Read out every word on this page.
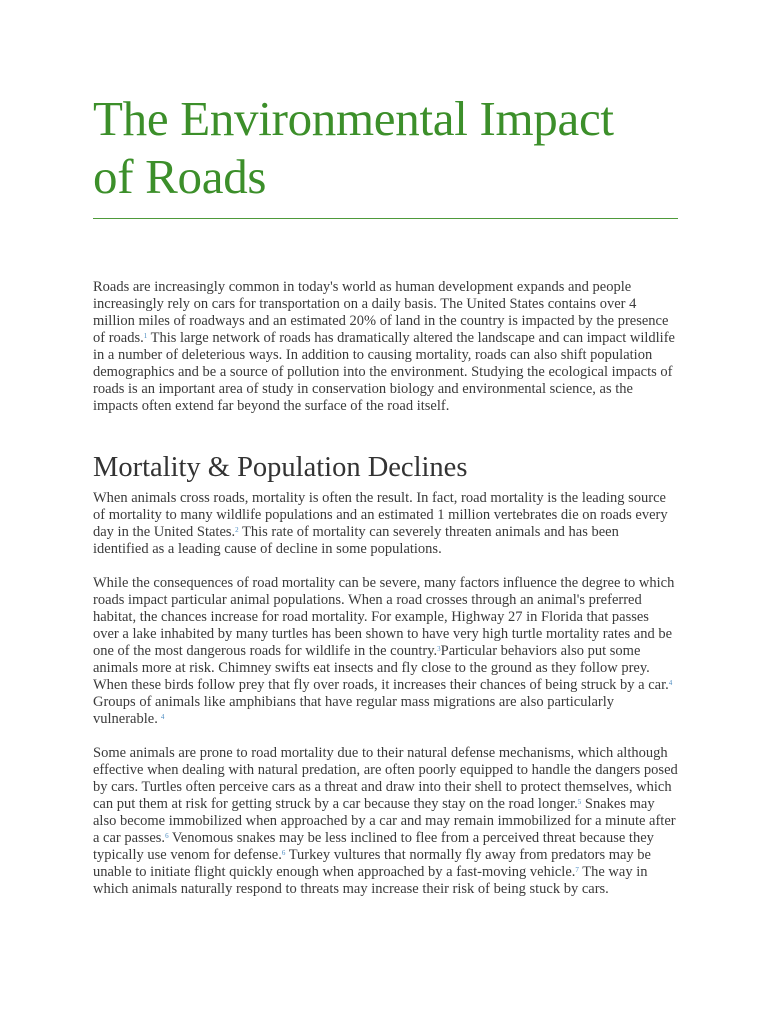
The Environmental Impact
of Roads

Roads are increasingly common in today's world as human development expands and people increasingly rely on cars for transportation on a daily basis. The United States contains over 4 million miles of roadways and an estimated 20% of land in the country is impacted by the presence of roads.$^1$ This large network of roads has dramatically altered the landscape and can impact wildlife in a number of deleterious ways. In addition to causing mortality, roads can also shift population demographics and be a source of pollution into the environment. Studying the ecological impacts of roads is an important area of study in conservation biology and environmental science, as the impacts often extend far beyond the surface of the road itself.

Mortality & Population Declines

When animals cross roads, mortality is often the result. In fact, road mortality is the leading source of mortality to many wildlife populations and an estimated 1 million vertebrates die on roads every day in the United States.$^2$ This rate of mortality can severely threaten animals and has been identified as a leading cause of decline in some populations.

While the consequences of road mortality can be severe, many factors influence the degree to which roads impact particular animal populations. When a road crosses through an animal's preferred habitat, the chances increase for road mortality. For example, Highway 27 in Florida that passes over a lake inhabited by many turtles has been shown to have very high turtle mortality rates and be one of the most dangerous roads for wildlife in the country.$^3$Particular behaviors also put some animals more at risk. Chimney swifts eat insects and fly close to the ground as they follow prey. When these birds follow prey that fly over roads, it increases their chances of being struck by a car.$^4$ Groups of animals like amphibians that have regular mass migrations are also particularly vulnerable. $^4$

Some animals are prone to road mortality due to their natural defense mechanisms, which although effective when dealing with natural predation, are often poorly equipped to handle the dangers posed by cars. Turtles often perceive cars as a threat and draw into their shell to protect themselves, which can put them at risk for getting struck by a car because they stay on the road longer.$^5$ Snakes may also become immobilized when approached by a car and may remain immobilized for a minute after a car passes.$^6$ Venomous snakes may be less inclined to flee from a perceived threat because they typically use venom for defense.$^6$ Turkey vultures that normally fly away from predators may be unable to initiate flight quickly enough when approached by a fast-moving vehicle.$^7$ The way in which animals naturally respond to threats may increase their risk of being stuck by cars.
